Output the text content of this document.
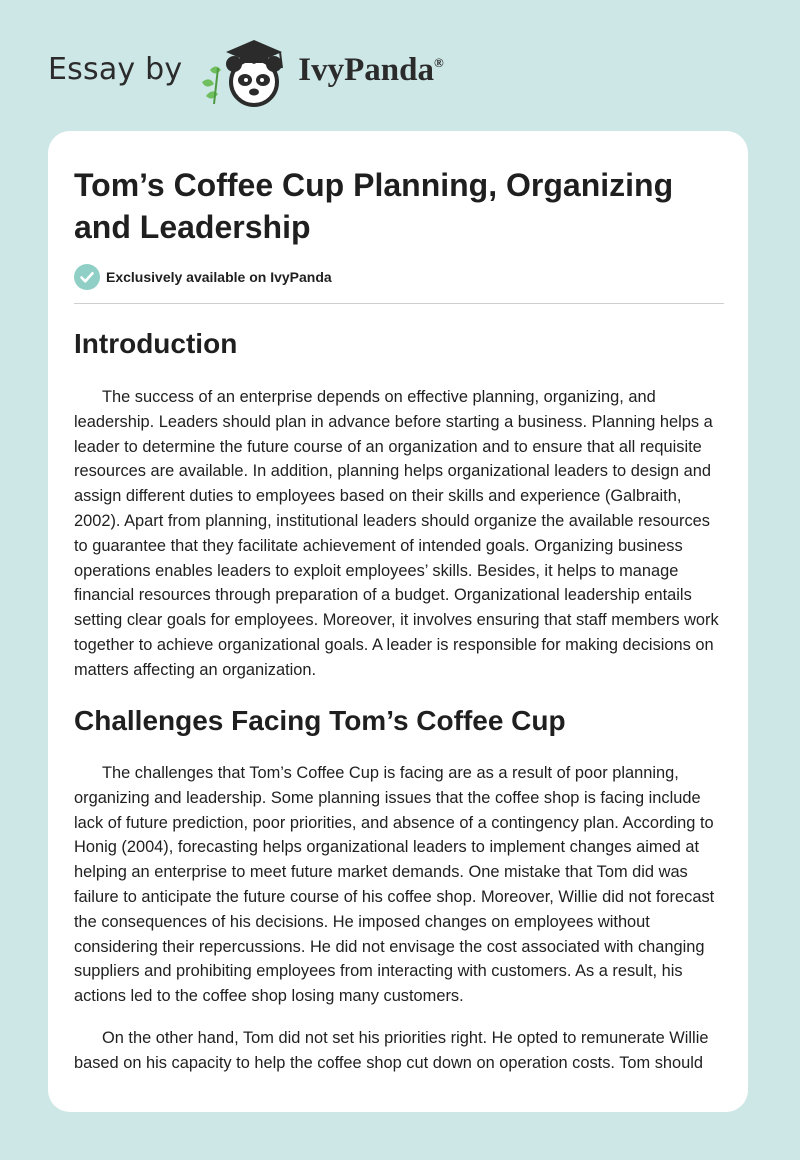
Essay by	IvyPanda®
Tom’s Coffee Cup Planning, Organizing and Leadership
Exclusively available on IvyPanda
Introduction

The success of an enterprise depends on effective planning, organizing, and leadership. Leaders should plan in advance before starting a business. Planning helps a leader to determine the future course of an organization and to ensure that all requisite resources are available. In addition, planning helps organizational leaders to design and assign different duties to employees based on their skills and experience (Galbraith, 2002). Apart from planning, institutional leaders should organize the available resources to guarantee that they facilitate achievement of intended goals. Organizing business operations enables leaders to exploit employees’ skills. Besides, it helps to manage financial resources through preparation of a budget. Organizational leadership entails setting clear goals for employees. Moreover, it involves ensuring that staff members work together to achieve organizational goals. A leader is responsible for making decisions on matters affecting an organization.

Challenges Facing Tom’s Coffee Cup

The challenges that Tom’s Coffee Cup is facing are as a result of poor planning, organizing and leadership. Some planning issues that the coffee shop is facing include lack of future prediction, poor priorities, and absence of a contingency plan. According to Honig (2004), forecasting helps organizational leaders to implement changes aimed at helping an enterprise to meet future market demands. One mistake that Tom did was failure to anticipate the future course of his coffee shop. Moreover, Willie did not forecast the consequences of his decisions. He imposed changes on employees without considering their repercussions. He did not envisage the cost associated with changing suppliers and prohibiting employees from interacting with customers. As a result, his actions led to the coffee shop losing many customers.

On the other hand, Tom did not set his priorities right. He opted to remunerate Willie based on his capacity to help the coffee shop cut down on operation costs. Tom should
